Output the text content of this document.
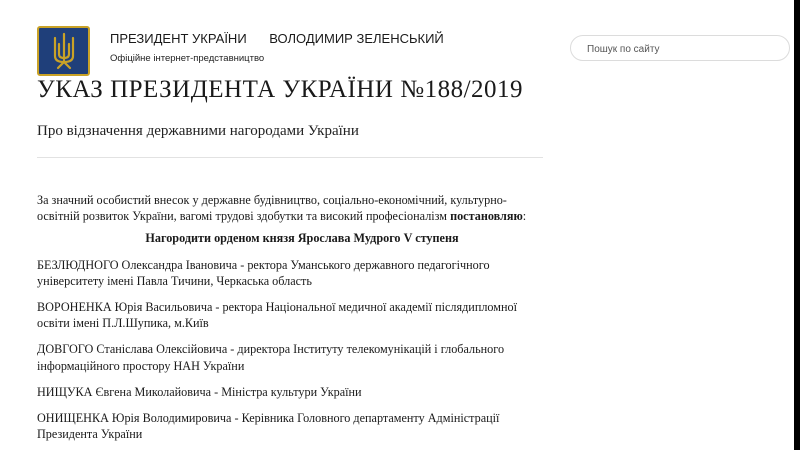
ПРЕЗИДЕНТ УКРАЇНИ ВОЛОДИМИР ЗЕЛЕНСЬКИЙ
Офіційне інтернет-представництво
Пошук по сайту
УКАЗ ПРЕЗИДЕНТА УКРАЇНИ №188/2019
Про відзначення державними нагородами України

За значний особистий внесок у державне будівництво, соціально-економічний, культурно-освітній розвиток України, вагомі трудові здобутки та високий професіоналізм постановляю:

Нагородити орденом князя Ярослава Мудрого V ступеня

БЕЗЛЮДНОГО Олександра Івановича - ректора Уманського державного педагогічного університету імені Павла Тичини, Черкаська область

ВОРОНЕНКА Юрія Васильовича - ректора Національної медичної академії післядипломної освіти імені П.Л.Шупика, м.Київ

ДОВГОГО Станіслава Олексійовича - директора Інституту телекомунікацій і глобального інформаційного простору НАН України

НИЩУКА Євгена Миколайовича - Міністра культури України

ОНИЩЕНКА Юрія Володимировича - Керівника Головного департаменту Адміністрації Президента України
